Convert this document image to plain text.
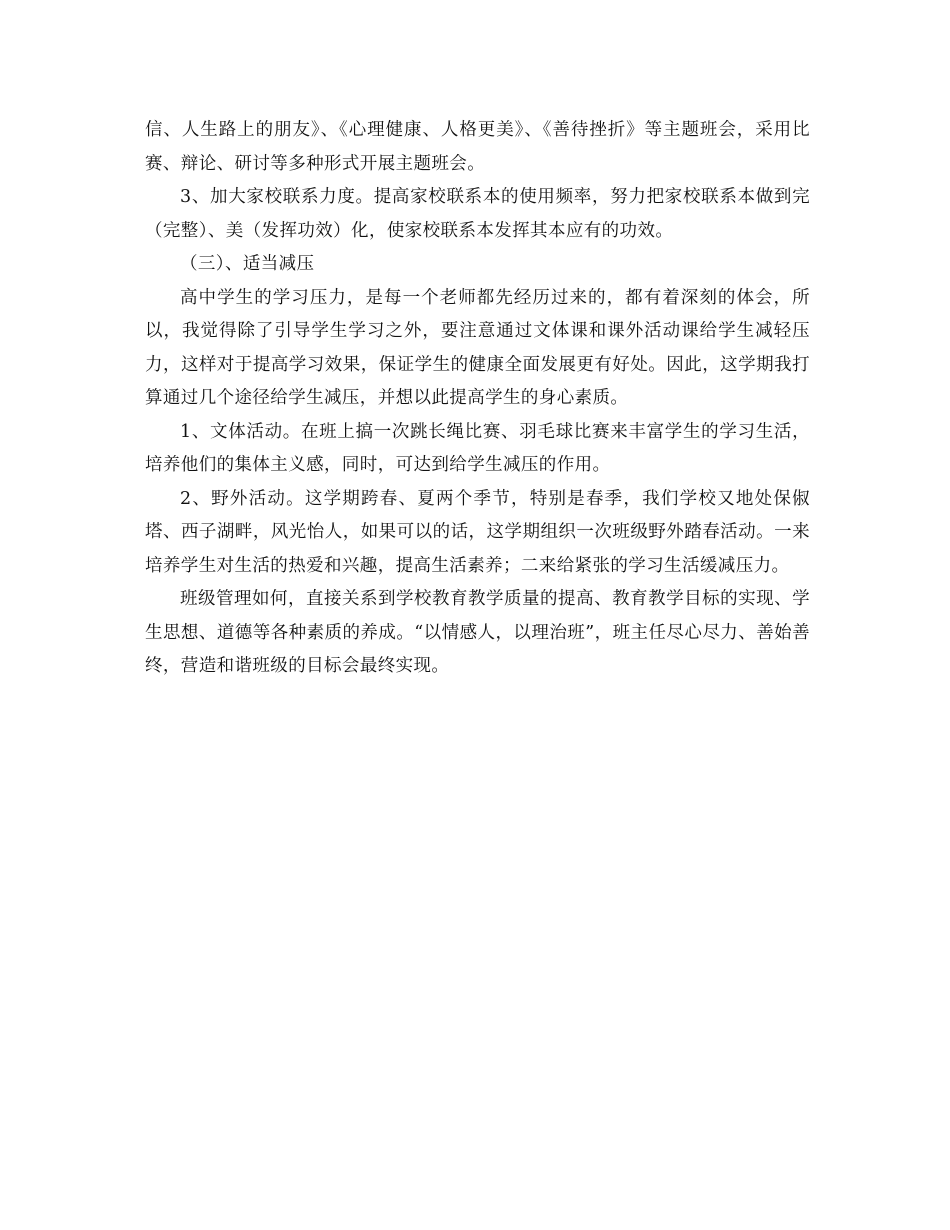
信、人生路上的朋友》、《心理健康、人格更美》、《善待挫折》等主题班会，采用比赛、辩论、研讨等多种形式开展主题班会。

3、加大家校联系力度。提高家校联系本的使用频率，努力把家校联系本做到完（完整）、美（发挥功效）化，使家校联系本发挥其本应有的功效。

（三）、适当减压

高中学生的学习压力，是每一个老师都先经历过来的，都有着深刻的体会，所以，我觉得除了引导学生学习之外，要注意通过文体课和课外活动课给学生减轻压力，这样对于提高学习效果，保证学生的健康全面发展更有好处。因此，这学期我打算通过几个途径给学生减压，并想以此提高学生的身心素质。

1、文体活动。在班上搞一次跳长绳比赛、羽毛球比赛来丰富学生的学习生活，培养他们的集体主义感，同时，可达到给学生减压的作用。

2、野外活动。这学期跨春、夏两个季节，特别是春季，我们学校又地处保俶塔、西子湖畔，风光怡人，如果可以的话，这学期组织一次班级野外踏春活动。一来培养学生对生活的热爱和兴趣，提高生活素养；二来给紧张的学习生活缓减压力。

班级管理如何，直接关系到学校教育教学质量的提高、教育教学目标的实现、学生思想、道德等各种素质的养成。“以情感人，以理治班”，班主任尽心尽力、善始善终，营造和谐班级的目标会最终实现。
